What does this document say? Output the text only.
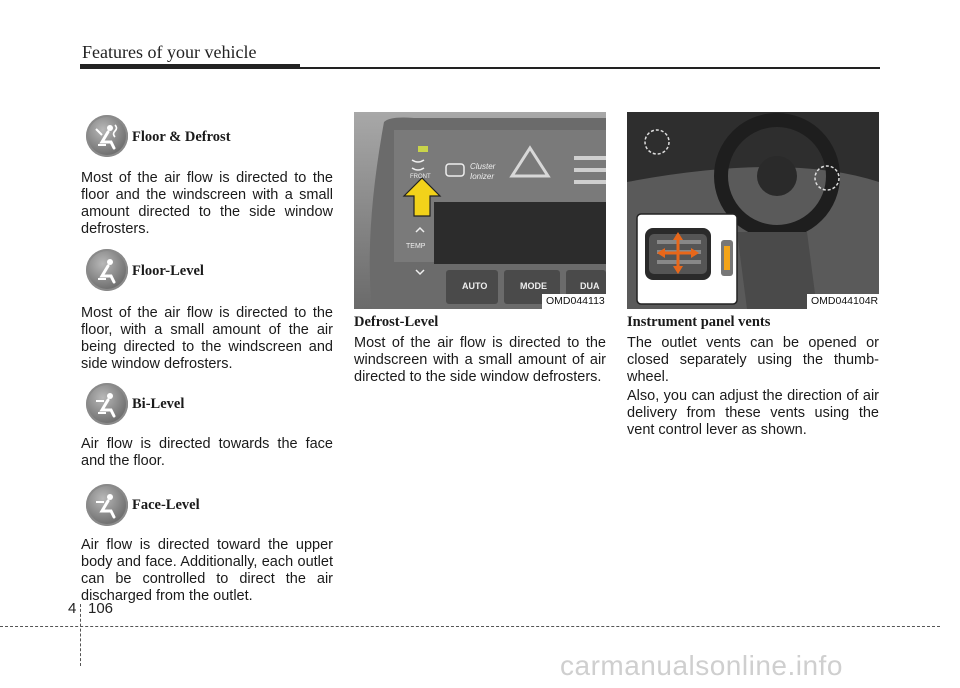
Features of your vehicle
Floor & Defrost
Most of the air flow is directed to the floor and the windscreen with a small amount directed to the side window defrosters.
Floor-Level
Most of the air flow is directed to the floor, with a small amount of the air being directed to the windscreen and side window defrosters.
Bi-Level
Air flow is directed towards the face and the floor.
Face-Level
Air flow is directed toward the upper body and face. Additionally, each outlet can be controlled to direct the air discharged from the outlet.
FRONT
Cluster
Ionizer
TEMP
AUTO	MODE	DUA
OMD044113
Defrost-Level
Most of the air flow is directed to the windscreen with a small amount of air directed to the side window defrosters.
OMD044104R
Instrument panel vents
The outlet vents can be opened or closed separately using the thumb-wheel.
Also, you can adjust the direction of air delivery from these vents using the vent control lever as shown.
4 106
carmanualsonline.info
